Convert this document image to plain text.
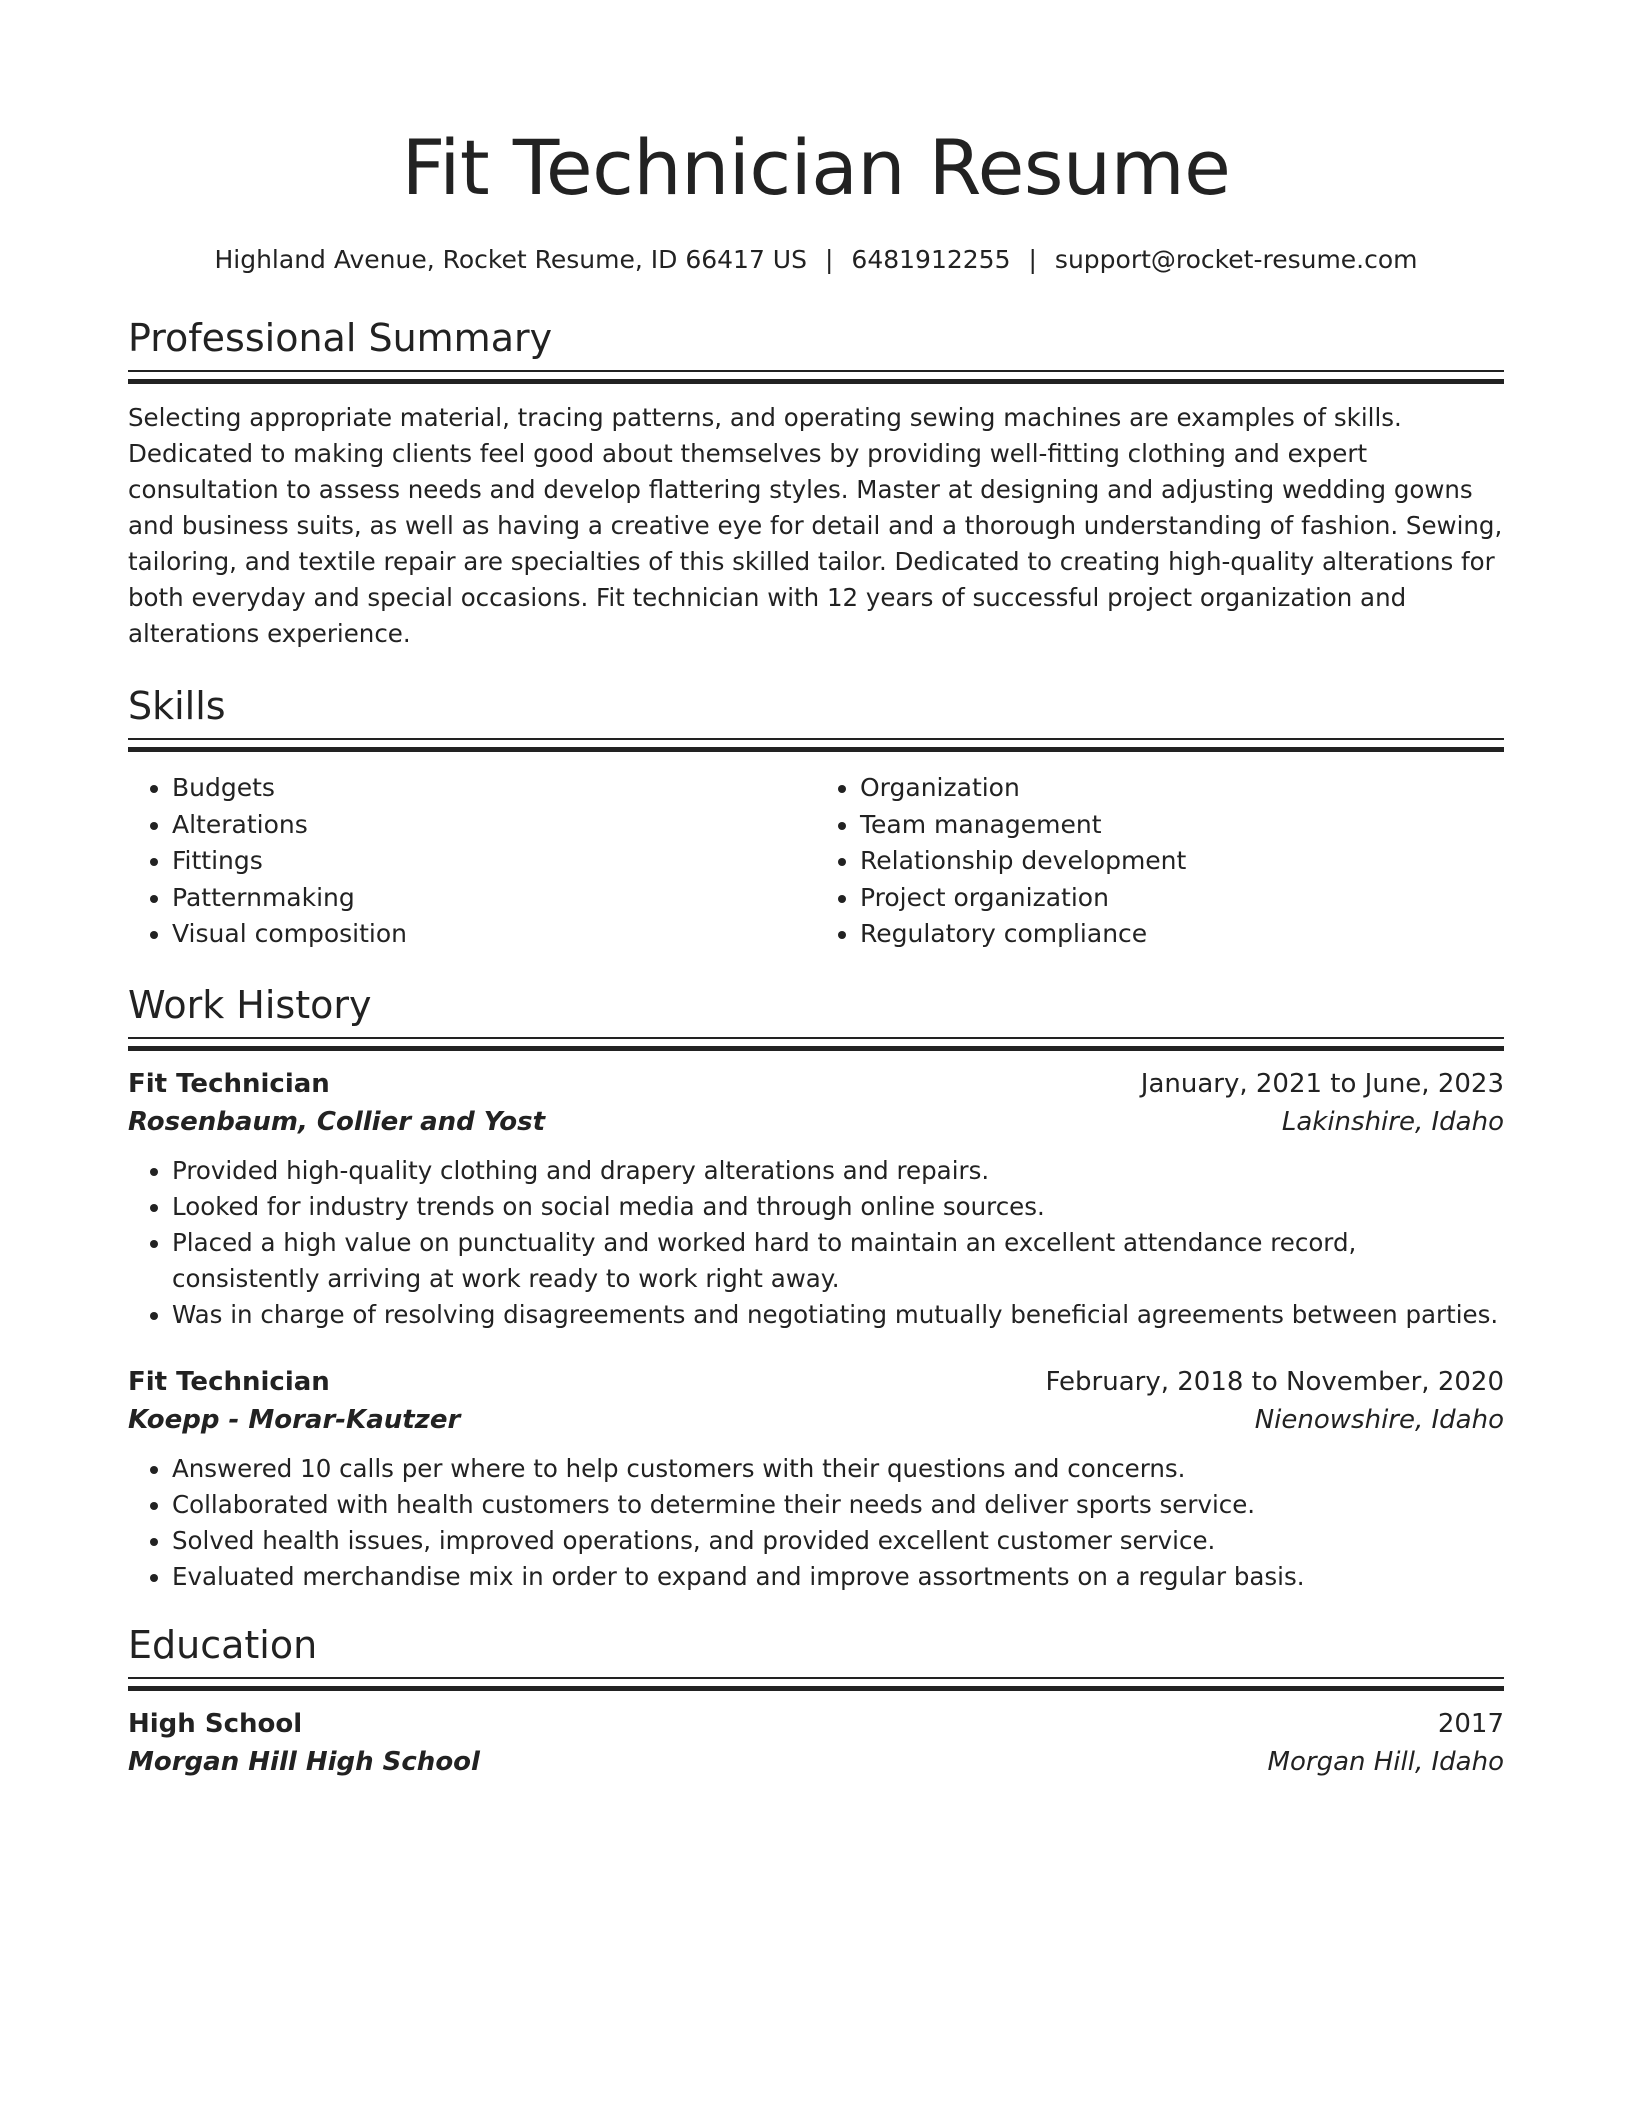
Fit Technician Resume
Highland Avenue, Rocket Resume, ID 66417 US | 6481912255 | support@rocket-resume.com
Professional Summary

Selecting appropriate material, tracing patterns, and operating sewing machines are examples of skills. Dedicated to making clients feel good about themselves by providing well-fitting clothing and expert consultation to assess needs and develop flattering styles. Master at designing and adjusting wedding gowns and business suits, as well as having a creative eye for detail and a thorough understanding of fashion. Sewing, tailoring, and textile repair are specialties of this skilled tailor. Dedicated to creating high-quality alterations for both everyday and special occasions. Fit technician with 12 years of successful project organization and alterations experience.

Skills
• Budgets
• Alterations
• Fittings
• Patternmaking
• Visual composition
• Organization
• Team management
• Relationship development
• Project organization
• Regulatory compliance
Work History
Fit Technician	January, 2021 to June, 2023
Rosenbaum, Collier and Yost	Lakinshire, Idaho
• Provided high-quality clothing and drapery alterations and repairs.
• Looked for industry trends on social media and through online sources.
• Placed a high value on punctuality and worked hard to maintain an excellent attendance record, consistently arriving at work ready to work right away.
• Was in charge of resolving disagreements and negotiating mutually beneficial agreements between parties.
Fit Technician	February, 2018 to November, 2020
Koepp - Morar-Kautzer	Nienowshire, Idaho
• Answered 10 calls per where to help customers with their questions and concerns.
• Collaborated with health customers to determine their needs and deliver sports service.
• Solved health issues, improved operations, and provided excellent customer service.
• Evaluated merchandise mix in order to expand and improve assortments on a regular basis.
Education
High School	2017
Morgan Hill High School	Morgan Hill, Idaho
